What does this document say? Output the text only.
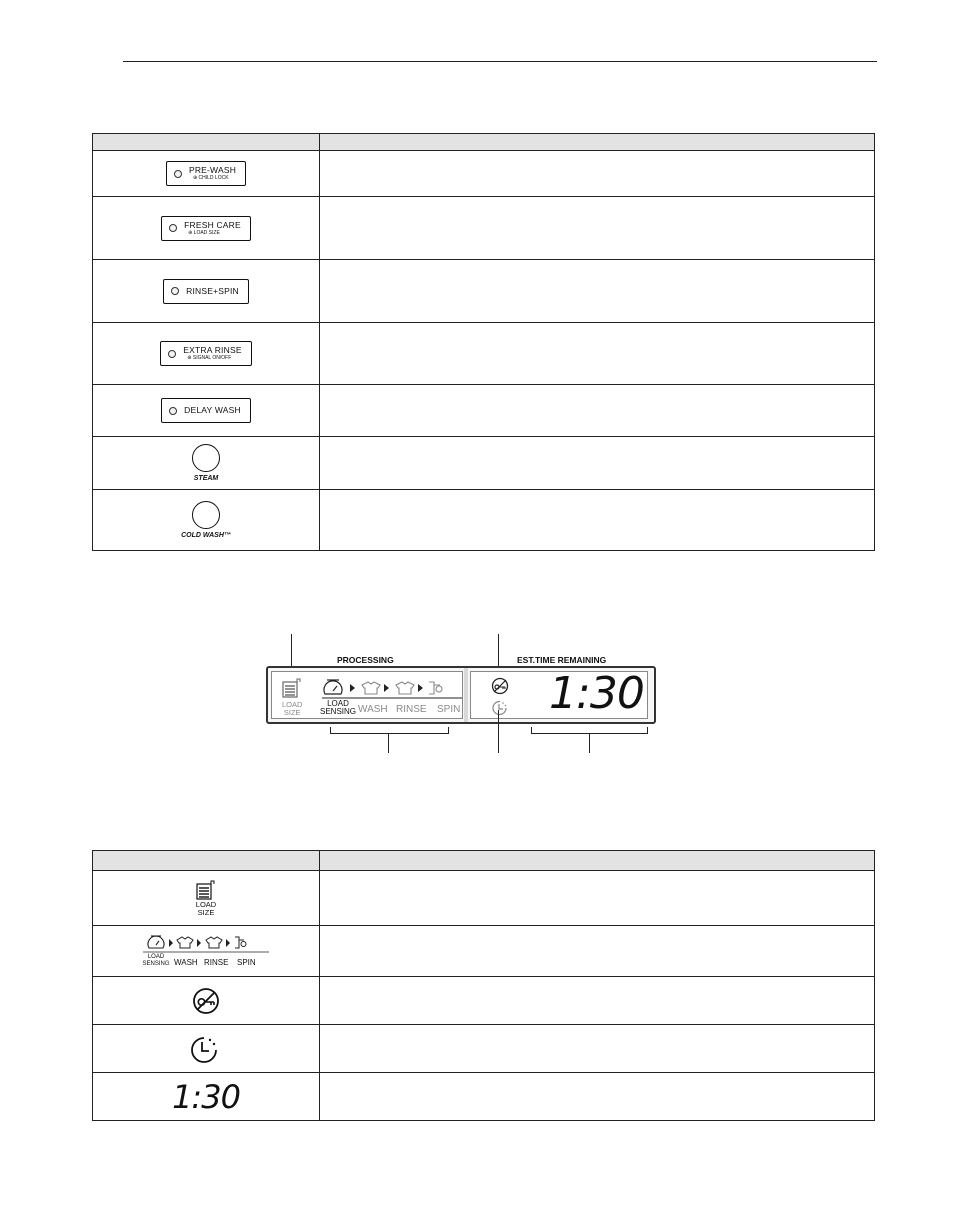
PRE-WASH
⊕ CHILD LOCK	

FRESH CARE
⊕ LOAD SIZE	

RINSE+SPIN	

EXTRA RINSE
⊕ SIGNAL ON/OFF	

DELAY WASH	

STEAM	

COLD WASH™	

PROCESSING	EST.TIME REMAINING
LOAD
SIZE
LOAD
SENSING WASH RINSE SPIN 1:30

LOAD
SIZE	

LOAD
SENSING WASH RINSE SPIN	

1:30	
